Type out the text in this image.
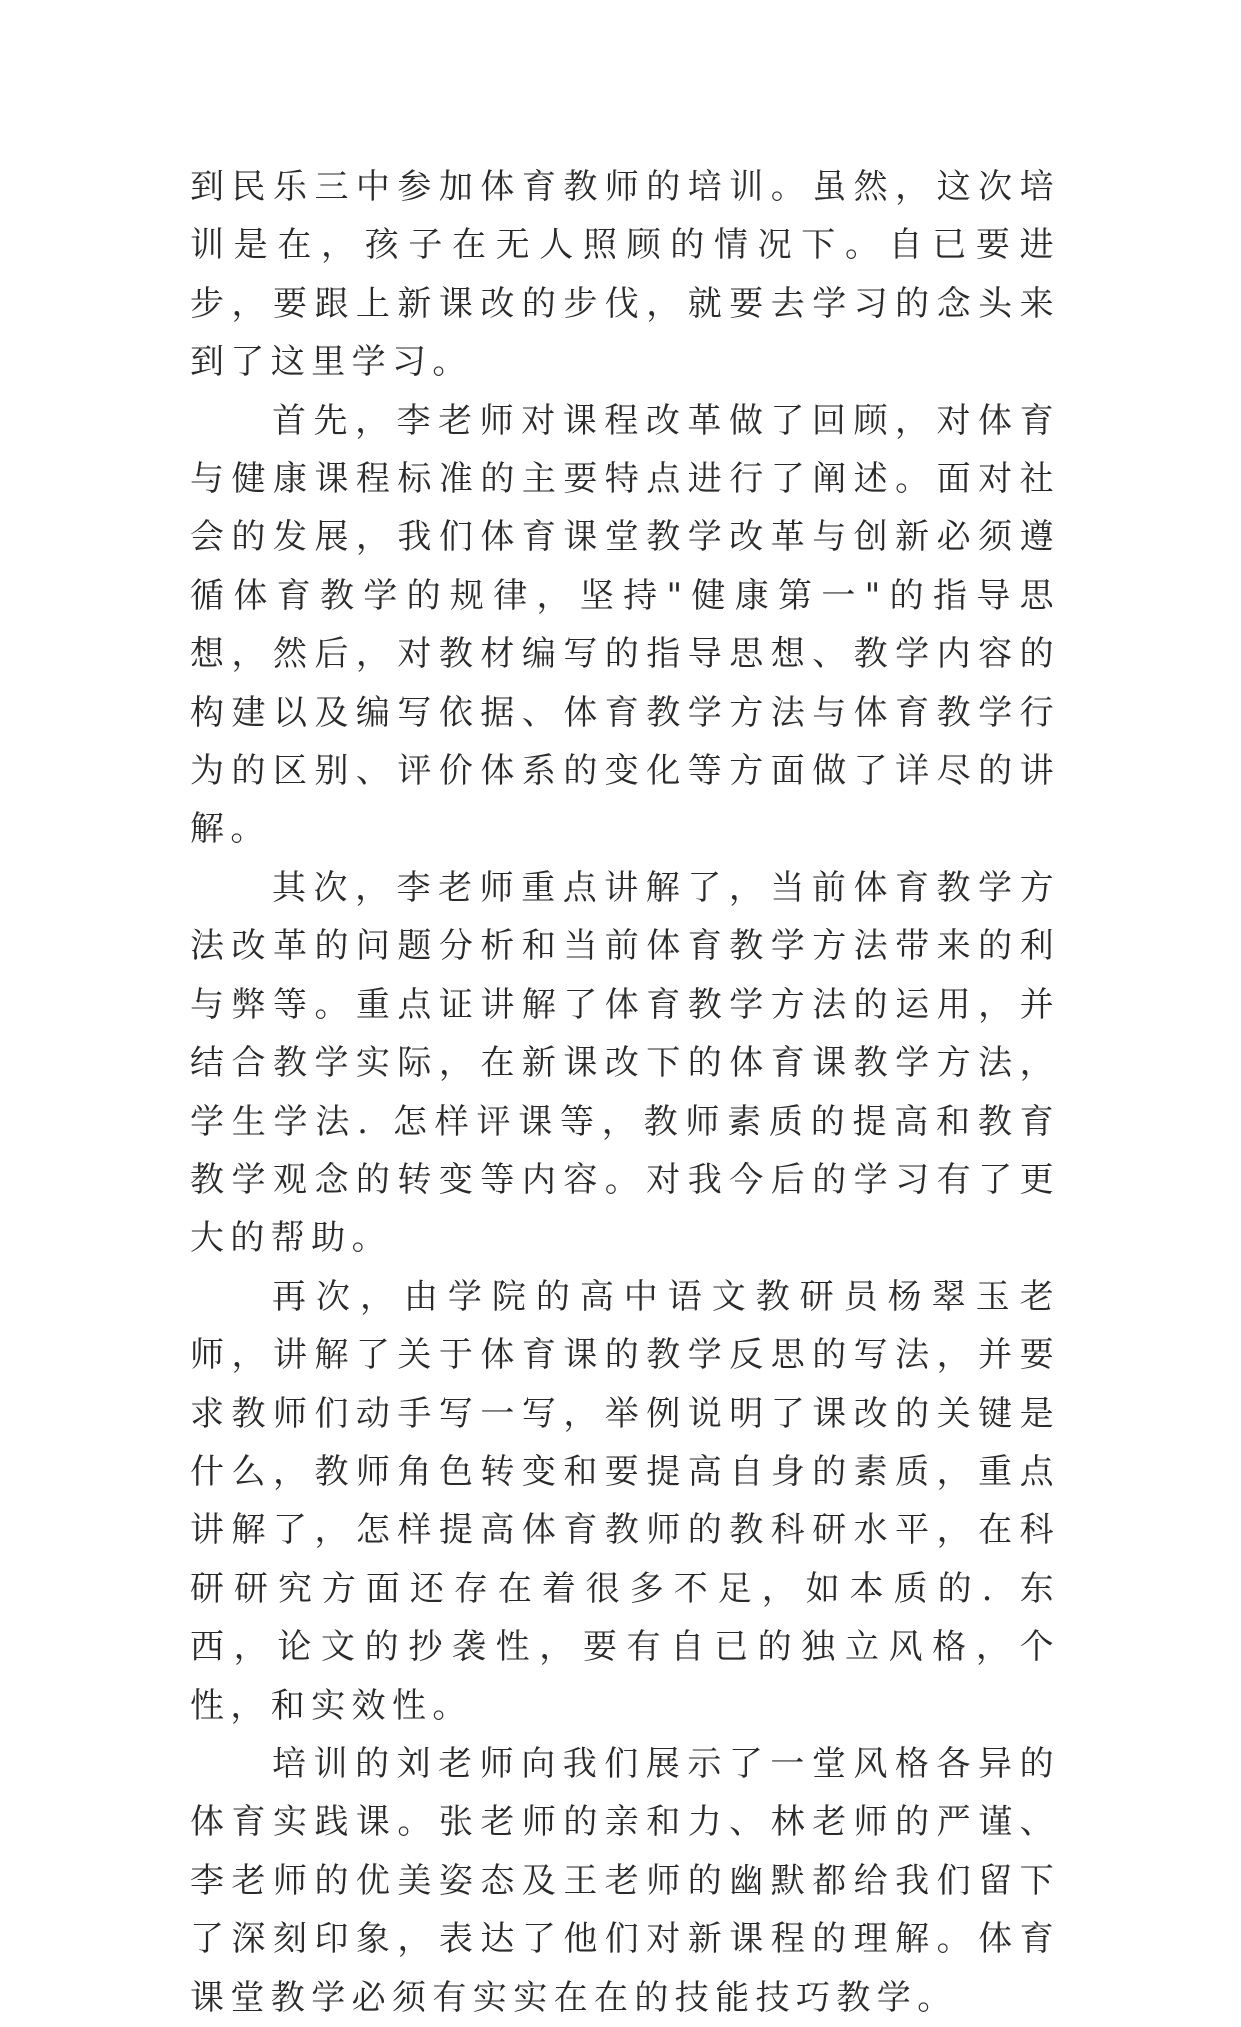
到民乐三中参加体育教师的培训。虽然，这次培训是在，孩子在无人照顾的情况下。自已要进步，要跟上新课改的步伐，就要去学习的念头来到了这里学习。

首先，李老师对课程改革做了回顾，对体育与健康课程标准的主要特点进行了阐述。面对社会的发展，我们体育课堂教学改革与创新必须遵循体育教学的规律，坚持"健康第一"的指导思想，然后，对教材编写的指导思想、教学内容的构建以及编写依据、体育教学方法与体育教学行为的区别、评价体系的变化等方面做了详尽的讲解。

其次，李老师重点讲解了，当前体育教学方法改革的问题分析和当前体育教学方法带来的利与弊等。重点证讲解了体育教学方法的运用，并结合教学实际，在新课改下的体育课教学方法，学生学法. 怎样评课等，教师素质的提高和教育教学观念的转变等内容。对我今后的学习有了更大的帮助。

再次，由学院的高中语文教研员杨翠玉老师，讲解了关于体育课的教学反思的写法，并要求教师们动手写一写，举例说明了课改的关键是什么，教师角色转变和要提高自身的素质，重点讲解了，怎样提高体育教师的教科研水平，在科研研究方面还存在着很多不足，如本质的. 东西，论文的抄袭性，要有自已的独立风格，个性，和实效性。

培训的刘老师向我们展示了一堂风格各异的体育实践课。张老师的亲和力、林老师的严谨、李老师的优美姿态及王老师的幽默都给我们留下了深刻印象，表达了他们对新课程的理解。体育课堂教学必须有实实在在的技能技巧教学。
